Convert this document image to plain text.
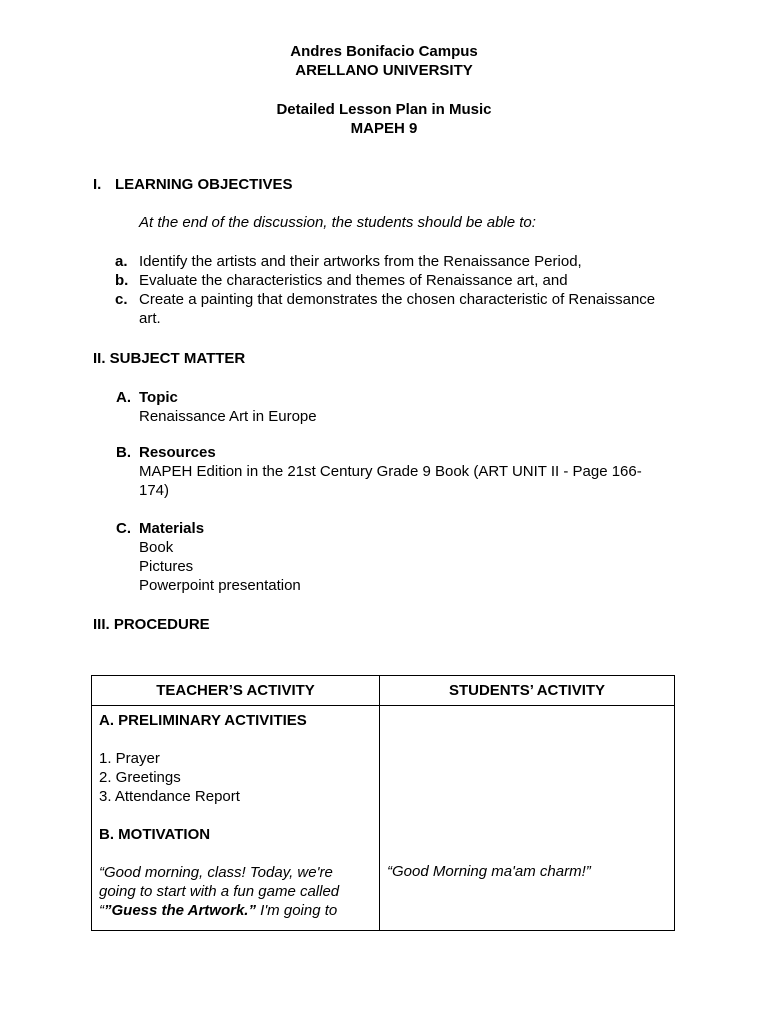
Andres Bonifacio Campus
ARELLANO UNIVERSITY
Detailed Lesson Plan in Music
MAPEH 9
I. LEARNING OBJECTIVES
At the end of the discussion, the students should be able to:
a. Identify the artists and their artworks from the Renaissance Period,
b. Evaluate the characteristics and themes of Renaissance art, and
c. Create a painting that demonstrates the chosen characteristic of Renaissance art.
II. SUBJECT MATTER
A. Topic
Renaissance Art in Europe
B. Resources
MAPEH Edition in the 21st Century Grade 9 Book (ART UNIT II - Page 166-
174)
C. Materials
Book
Pictures
Powerpoint presentation
III. PROCEDURE
TEACHER’S ACTIVITY	STUDENTS’ ACTIVITY
A. PRELIMINARY ACTIVITIES
1. Prayer
2. Greetings
3. Attendance Report
B. MOTIVATION
“Good morning, class! Today, we're
going to start with a fun game called
“”Guess the Artwork.” I'm going to
“Good Morning ma'am charm!”
